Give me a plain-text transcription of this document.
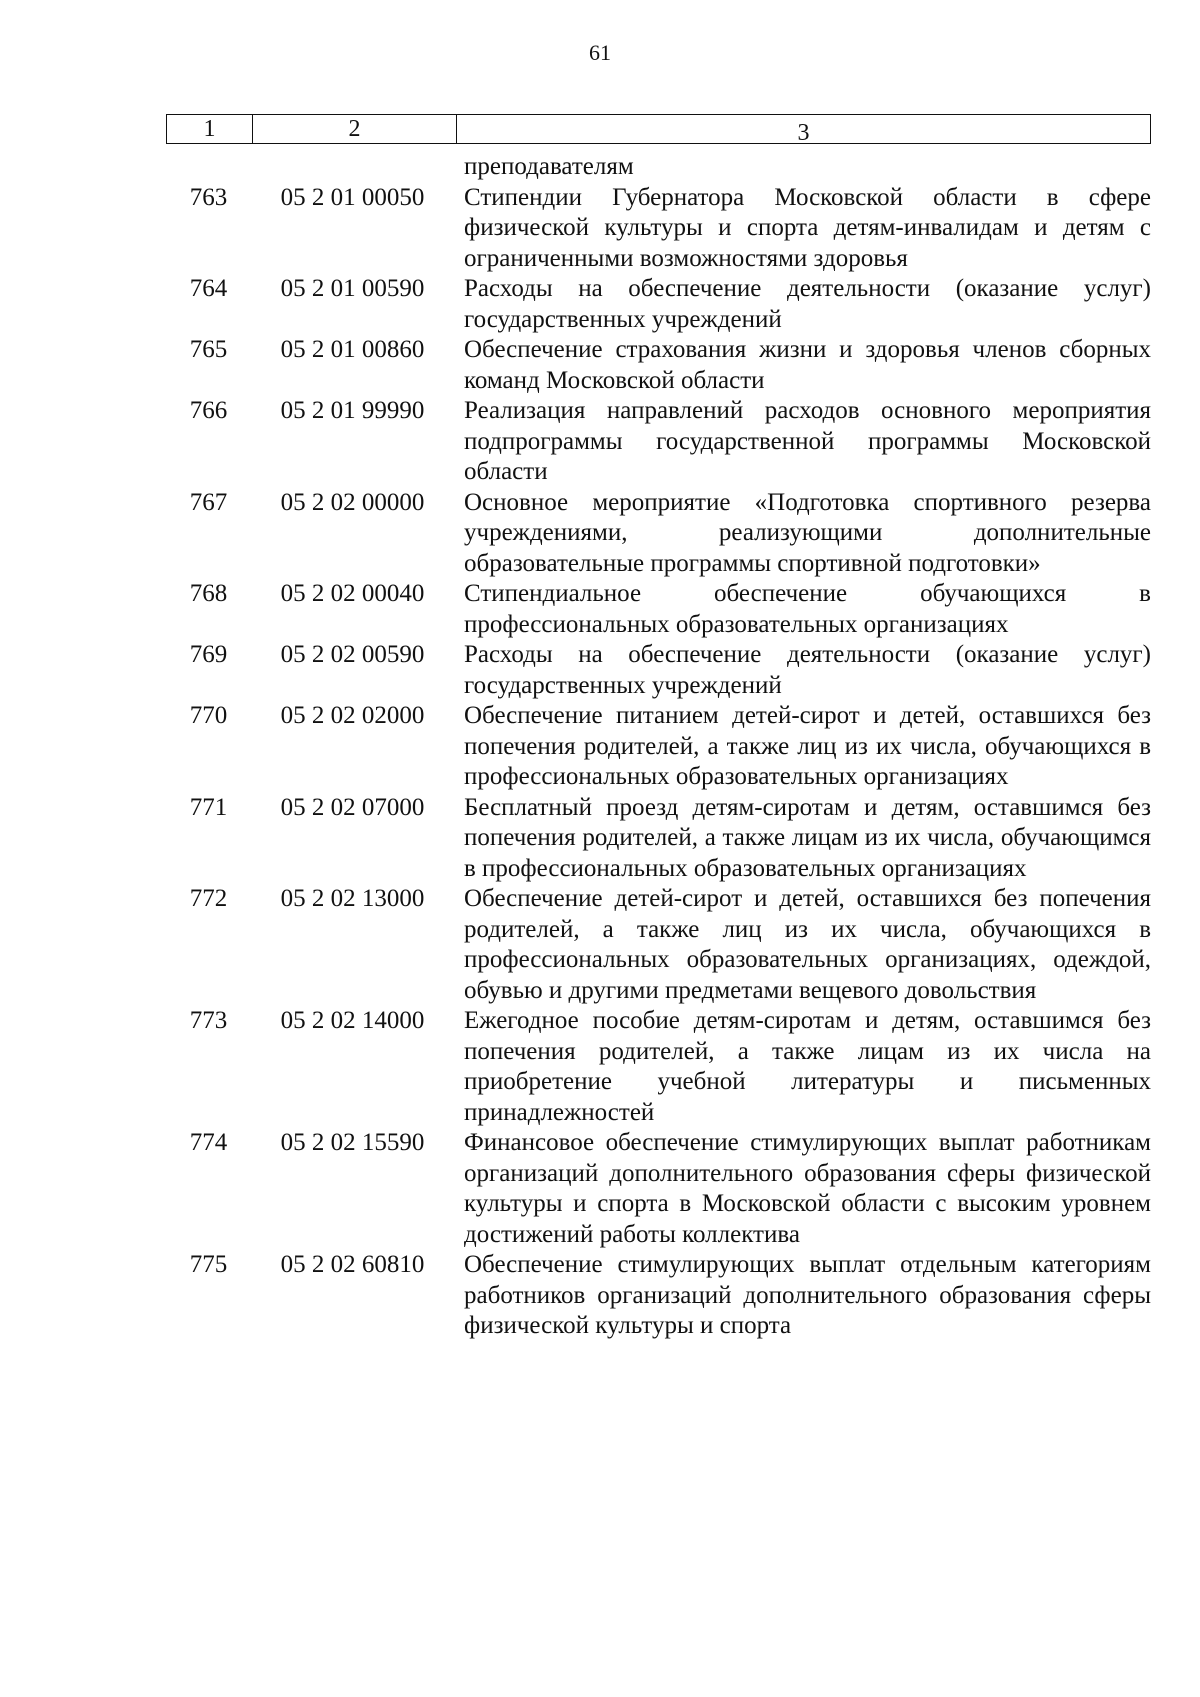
61
1	2	3
преподавателям
763	05 2 01 00050	Стипендии Губернатора Московской области в сфере физической культуры и спорта детям-инвалидам и детям с ограниченными возможностями здоровья
764	05 2 01 00590	Расходы на обеспечение деятельности (оказание услуг) государственных учреждений
765	05 2 01 00860	Обеспечение страхования жизни и здоровья членов сборных команд Московской области
766	05 2 01 99990	Реализация направлений расходов основного мероприятия подпрограммы государственной программы Московской области
767	05 2 02 00000	Основное мероприятие «Подготовка спортивного резерва учреждениями, реализующими дополнительные образовательные программы спортивной подготовки»
768	05 2 02 00040	Стипендиальное обеспечение обучающихся в профессиональных образовательных организациях
769	05 2 02 00590	Расходы на обеспечение деятельности (оказание услуг) государственных учреждений
770	05 2 02 02000	Обеспечение питанием детей-сирот и детей, оставшихся без попечения родителей, а также лиц из их числа, обучающихся в профессиональных образовательных организациях
771	05 2 02 07000	Бесплатный проезд детям-сиротам и детям, оставшимся без попечения родителей, а также лицам из их числа, обучающимся в профессиональных образовательных организациях
772	05 2 02 13000	Обеспечение детей-сирот и детей, оставшихся без попечения родителей, а также лиц из их числа, обучающихся в профессиональных образовательных организациях, одеждой, обувью и другими предметами вещевого довольствия
773	05 2 02 14000	Ежегодное пособие детям-сиротам и детям, оставшимся без попечения родителей, а также лицам из их числа на приобретение учебной литературы и письменных принадлежностей
774	05 2 02 15590	Финансовое обеспечение стимулирующих выплат работникам организаций дополнительного образования сферы физической культуры и спорта в Московской области с высоким уровнем достижений работы коллектива
775	05 2 02 60810	Обеспечение стимулирующих выплат отдельным категориям работников организаций дополнительного образования сферы физической культуры и спорта
